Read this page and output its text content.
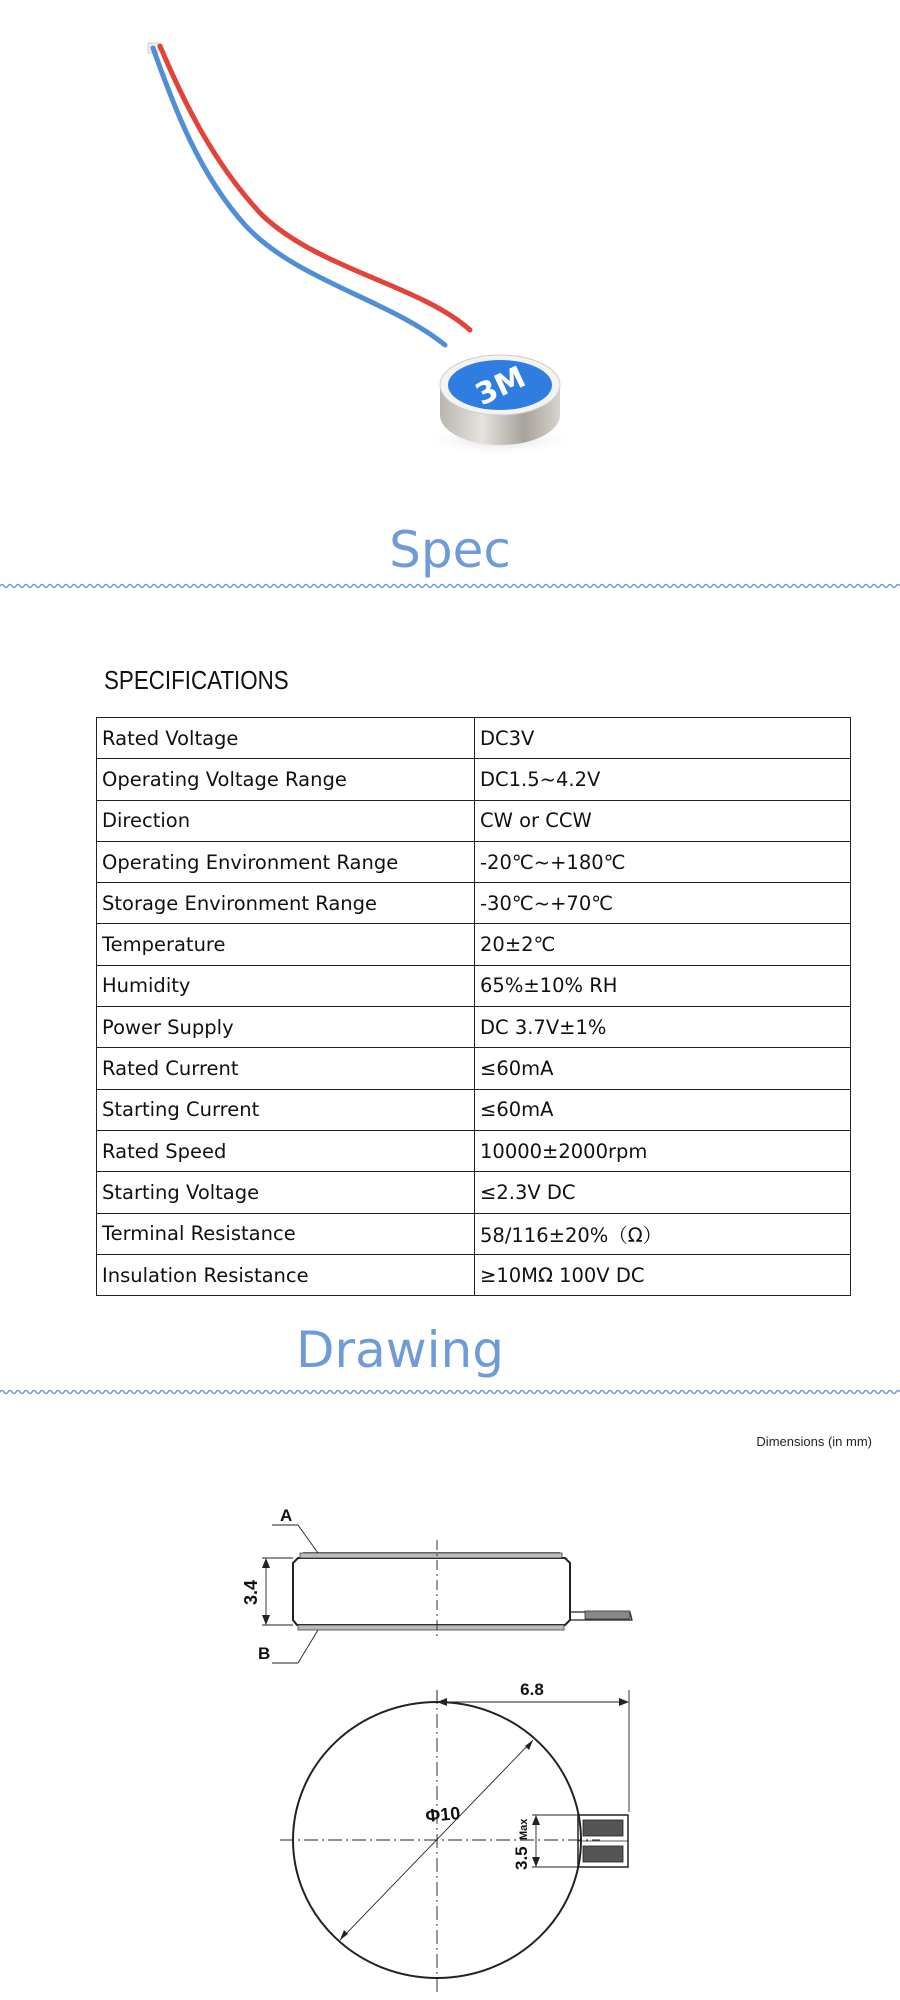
3M
Spec
SPECIFICATIONS
Rated Voltage	DC3V
Operating Voltage Range	DC1.5~4.2V
Direction	CW or CCW
Operating Environment Range	-20℃~+180℃
Storage Environment Range	-30℃~+70℃
Temperature	20±2℃
Humidity	65%±10% RH
Power Supply	DC 3.7V±1%
Rated Current	≤60mA
Starting Current	≤60mA
Rated Speed	10000±2000rpm
Starting Voltage	≤2.3V DC
Terminal Resistance	58/116±20%（Ω）
Insulation Resistance	≥10MΩ 100V DC
Drawing
Dimensions (in mm)
A
B
3.4
6.8
Φ10
3.5
Max
